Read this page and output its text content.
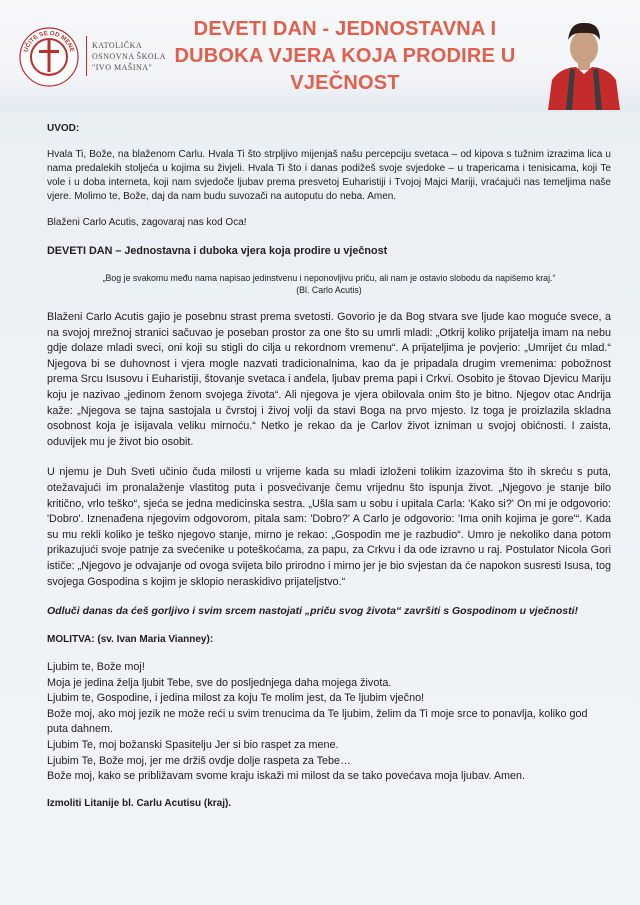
UČITE SE OD MENE
MAMAMA
KATOLIČKA
OSNOVNA ŠKOLA
"IVO MAŠINA"
DEVETI DAN - JEDNOSTAVNA I DUBOKA VJERA KOJA PRODIRE U VJEČNOST

UVOD:

Hvala Ti, Bože, na blaženom Carlu. Hvala Ti što strpljivo mijenjaš našu percepciju svetaca – od kipova s tužnim izrazima lica u nama predalekih stoljeća u kojima su živjeli. Hvala Ti što i danas podižeš svoje svjedoke – u trapericama i tenisicama, koji Te vole i u doba interneta, koji nam svjedoče ljubav prema presvetoj Euharistiji i Tvojoj Majci Mariji, vraćajući nas temeljima naše vjere. Molimo te, Bože, daj da nam budu suvozači na autoputu do neba. Amen.

Blaženi Carlo Acutis, zagovaraj nas kod Oca!

DEVETI DAN – Jednostavna i duboka vjera koja prodire u vječnost

„Bog je svakomu među nama napisao jedinstvenu i neponovljivu priču, ali nam je ostavio slobodu da napišemo kraj.“

(Bl. Carlo Acutis)

Blaženi Carlo Acutis gajio je posebnu strast prema svetosti. Govorio je da Bog stvara sve ljude kao moguće svece, a na svojoj mrežnoj stranici sačuvao je poseban prostor za one što su umrli mladi: „Otkrij koliko prijatelja imam na nebu gdje dolaze mladi sveci, oni koji su stigli do cilja u rekordnom vremenu“. A prijateljima je povjerio: „Umrijet ću mlad.“ Njegova bi se duhovnost i vjera mogle nazvati tradicionalnima, kao da je pripadala drugim vremenima: pobožnost prema Srcu Isusovu i Euharistiji, štovanje svetaca i anđela, ljubav prema papi i Crkvi. Osobito je štovao Djevicu Mariju koju je nazivao „jedinom ženom svojega života“. Ali njegova je vjera obilovala onim što je bitno. Njegov otac Andrija kaže: „Njegova se tajna sastojala u čvrstoj i živoj volji da stavi Boga na prvo mjesto. Iz toga je proizlazila skladna osobnost koja je isijavala veliku mirnoću.“ Netko je rekao da je Carlov život izniman u svojoj obićnosti. I zaista, oduvijek mu je život bio osobit.

U njemu je Duh Sveti učinio čuda milosti u vrijeme kada su mladi izloženi tolikim izazovima što ih skreću s puta, otežavajući im pronalaženje vlastitog puta i posvećivanje čemu vrijednu što ispunja život. „Njegovo je stanje bilo kritično, vrlo teško“, sjeća se jedna medicinska sestra. „Ušla sam u sobu i upitala Carla: 'Kako si?' On mi je odgovorio: 'Dobro'. Iznenađena njegovim odgovorom, pitala sam: 'Dobro?' A Carlo je odgovorio: 'Ima onih kojima je gore'“. Kada su mu rekli koliko je teško njegovo stanje, mirno je rekao: „Gospodin me je razbudio“. Umro je nekoliko dana potom prikazujući svoje patnje za svećenike u poteškoćama, za papu, za Crkvu i da ode izravno u raj. Postulator Nicola Gori ističe: „Njegovo je odvajanje od ovoga svijeta bilo prirodno i mirno jer je bio svjestan da će napokon susresti Isusa, tog svojega Gospodina s kojim je sklopio neraskidivo prijateljstvo.“

Odluči danas da ćeš gorljivo i svim srcem nastojati „priču svog života“ završiti s Gospodinom u vječnosti!

MOLITVA: (sv. Ivan Maria Vianney):

Ljubim te, Bože moj!

Moja je jedina želja ljubit Tebe, sve do posljednjega daha mojega života.

Ljubim te, Gospodine, i jedina milost za koju Te molim jest, da Te ljubim vječno!

Bože moj, ako moj jezik ne može reći u svim trenucima da Te ljubim, želim da Ti moje srce to ponavlja, koliko god puta dahnem.

Ljubim Te, moj božanski Spasitelju Jer si bio raspet za mene.

Ljubim Te, Bože moj, jer me držiš ovdje dolje raspeta za Tebe…

Bože moj, kako se približavam svome kraju iskaži mi milost da se tako povećava moja ljubav. Amen.

Izmoliti Litanije bl. Carlu Acutisu (kraj).
